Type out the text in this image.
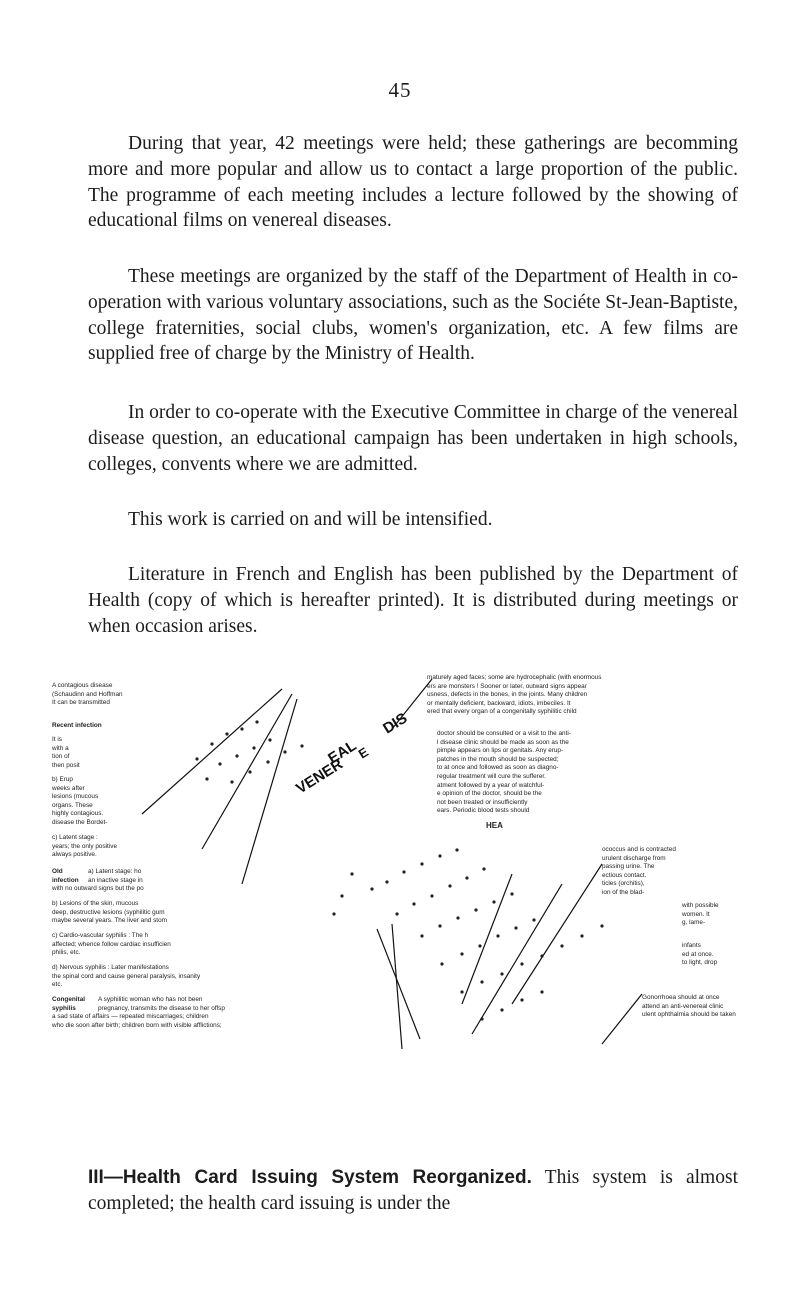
45

During that year, 42 meetings were held; these gatherings are becomming more and more popular and allow us to contact a large proportion of the public. The programme of each meeting includes a lecture followed by the showing of educational films on venereal diseases.

These meetings are organized by the staff of the Department of Health in co-operation with various voluntary associations, such as the Sociéte St-Jean-Baptiste, college fraternities, social clubs, women's organization, etc. A few films are supplied free of charge by the Ministry of Health.

In order to co-operate with the Executive Committee in charge of the venereal disease question, an educational campaign has been undertaken in high schools, colleges, convents where we are admitted.

This work is carried on and will be intensified.

Literature in French and English has been published by the Department of Health (copy of which is hereafter printed). It is distributed during meetings or when occasion arises.

A contagious disease
(Schaudinn and Hoffman
It can be transmitted
Recent infection
It is
with a
tion of
then posit
b) Erup
weeks after
lesions (mucous
organs. These
highly contagious.
disease the Bordet-
c) Latent stage :
years; the only positive
always positive.
Old infection
a) Latent stage: ho
an inactive stage in
with no outward signs but the po
b) Lesions of the skin, mucous
deep, destructive lesions (syphilitic gum
maybe several years. The liver and stom
c) Cardio-vascular syphilis : The h
affected; whence follow cardiac insufficien
philis, etc.
d) Nervous syphilis : Later manifestations
the spinal cord and cause general paralysis, insanity
etc.
Congenital syphilis
A syphilitic woman who has not been
pregnancy, transmits the disease to her offsp
a sad state of affairs — repeated miscarriages; children
who die soon after birth; children born with visible afflictions;
maturely aged faces; some are hydrocephalic (with enormous
ers are monsters ! Sooner or later, outward signs appear
usness, defects in the bones, in the joints. Many children
or mentally deficient, backward, idiots, imbeciles. It
ered that every organ of a congenitally syphilitic child
doctor should be consulted or a visit to the anti-
l disease clinic should be made as soon as the
pimple appears on lips or genitals. Any erup-
patches in the mouth should be suspected;
to at once and followed as soon as diagno-
regular treatment will cure the sufferer.
atment followed by a year of watchful-
e opinion of the doctor, should be the
not been treated or insufficiently
ears. Periodic blood tests should
HEA
ococcus and is contracted
urulent discharge from
passing urine. The
ectious contact.
ticles (orchitis),
ion of the blad-
with possible
women. It
g, lame-
infants
ed at once.
to light, drop
Gonorrhoea should at once
attend an anti-venereal clinic
ulent ophthalmia should be taken
VENER
EAL
DIS
E

III—Health Card Issuing System Reorganized. This system is almost completed; the health card issuing is under the
